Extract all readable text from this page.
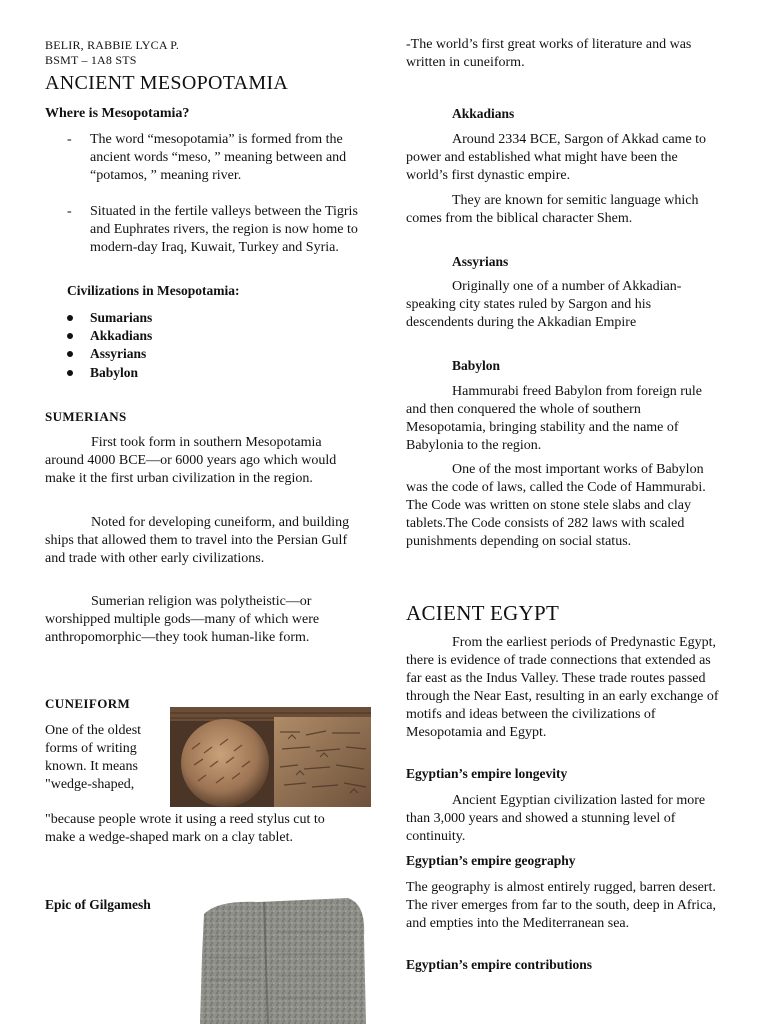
BELIR, RABBIE LYCA P.
BSMT – 1A8 STS
ANCIENT MESOPOTAMIA
Where is Mesopotamia?
- The word “mesopotamia” is formed from the ancient words “meso, ” meaning between and “potamos, ” meaning river.
- Situated in the fertile valleys between the Tigris and Euphrates rivers, the region is now home to modern-day Iraq, Kuwait, Turkey and Syria.
Civilizations in Mesopotamia:
Sumarians
Akkadians
Assyrians
Babylon
SUMERIANS

First took form in southern Mesopotamia around 4000 BCE—or 6000 years ago which would make it the first urban civilization in the region.

Noted for developing cuneiform, and building ships that allowed them to travel into the Persian Gulf and trade with other early civilizations.

Sumerian religion was polytheistic—or worshipped multiple gods—many of which were anthropomorphic—they took human-like form.

CUNEIFORM

One of the oldest forms of writing known. It means "wedge-shaped,

"because people wrote it using a reed stylus cut to make a wedge-shaped mark on a clay tablet.

Epic of Gilgamesh

-The world’s first great works of literature and was written in cuneiform.

Akkadians

Around 2334 BCE, Sargon of Akkad came to power and established what might have been the world’s first dynastic empire.

They are known for semitic language which comes from the biblical character Shem.

Assyrians

Originally one of a number of Akkadian-speaking city states ruled by Sargon and his descendents during the Akkadian Empire

Babylon

Hammurabi freed Babylon from foreign rule and then conquered the whole of southern Mesopotamia, bringing stability and the name of Babylonia to the region.

One of the most important works of Babylon was the code of laws, called the Code of Hammurabi. The Code was written on stone stele slabs and clay tablets.The Code consists of 282 laws with scaled punishments depending on social status.

ACIENT EGYPT

From the earliest periods of Predynastic Egypt, there is evidence of trade connections that extended as far east as the Indus Valley. These trade routes passed through the Near East, resulting in an early exchange of motifs and ideas between the civilizations of Mesopotamia and Egypt.

Egyptian’s empire longevity

Ancient Egyptian civilization lasted for more than 3,000 years and showed a stunning level of continuity.

Egyptian’s empire geography

The geography is almost entirely rugged, barren desert. The river emerges from far to the south, deep in Africa, and empties into the Mediterranean sea.

Egyptian’s empire contributions
